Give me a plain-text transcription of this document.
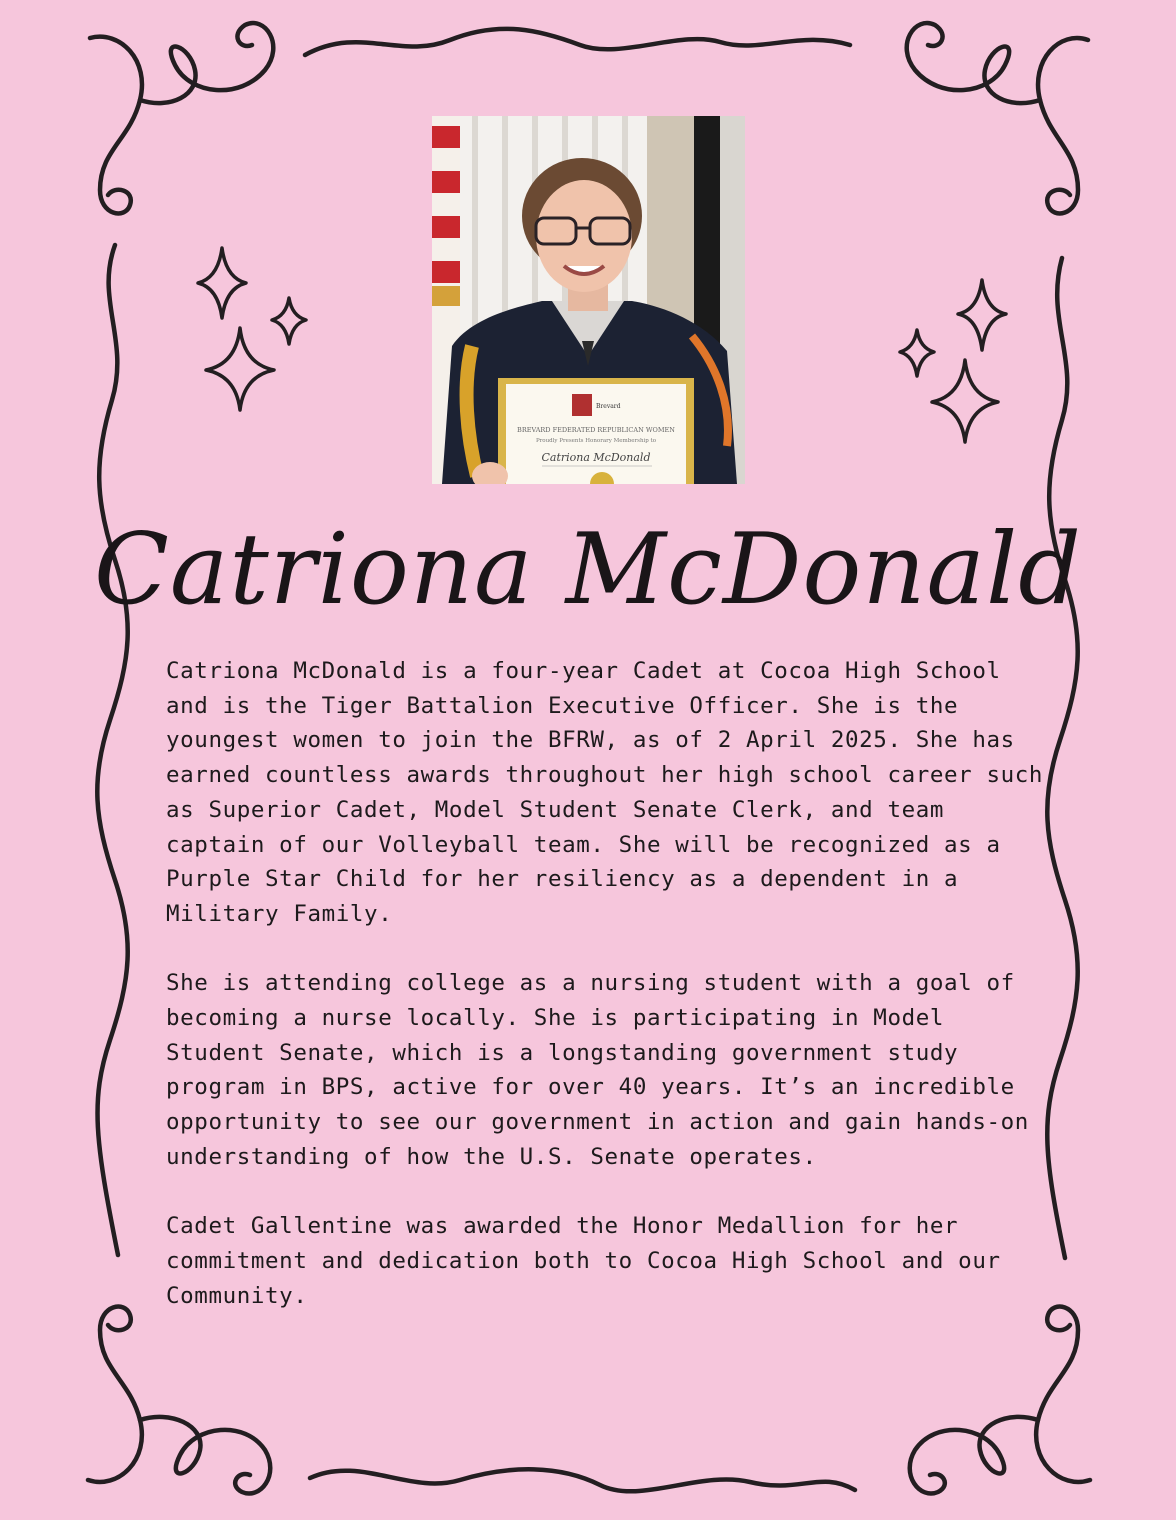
Brevard
BREVARD FEDERATED REPUBLICAN WOMEN
Proudly Presents Honorary Membership to
Catriona McDonald
Catriona McDonald

Catriona McDonald is a four-year Cadet at Cocoa High School and is the Tiger Battalion Executive Officer. She is the youngest women to join the BFRW, as of 2 April 2025. She has earned countless awards throughout her high school career such as Superior Cadet, Model Student Senate Clerk, and team captain of our Volleyball team. She will be recognized as a Purple Star Child for her resiliency as a dependent in a Military Family.

She is attending college as a nursing student with a goal of becoming a nurse locally. She is participating in Model Student Senate, which is a longstanding government study program in BPS, active for over 40 years. It’s an incredible opportunity to see our government in action and gain hands-on understanding of how the U.S. Senate operates.

Cadet Gallentine was awarded the Honor Medallion for her commitment and dedication both to Cocoa High School and our Community.
